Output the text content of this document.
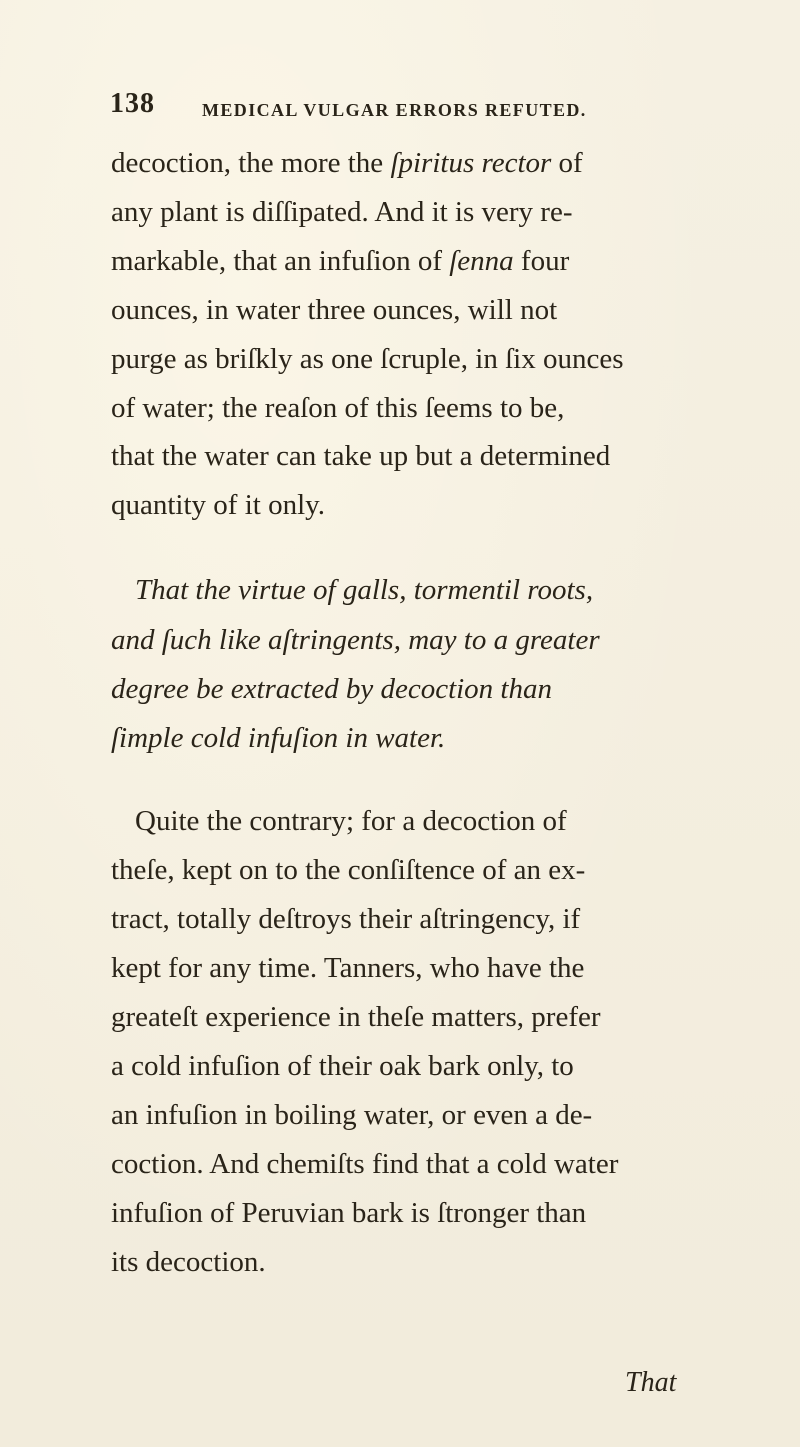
138	MEDICAL VULGAR ERRORS REFUTED.
decoction, the more the ſpiritus rector of
any plant is diſſipated. And it is very re-
markable, that an infuſion of ſenna four
ounces, in water three ounces, will not
purge as briſkly as one ſcruple, in ſix ounces
of water; the reaſon of this ſeems to be,
that the water can take up but a determined
quantity of it only.
That the virtue of galls, tormentil roots,
and ſuch like aſtringents, may to a greater
degree be extracted by decoction than
ſimple cold infuſion in water.
Quite the contrary; for a decoction of
theſe, kept on to the conſiſtence of an ex-
tract, totally deſtroys their aſtringency, if
kept for any time. Tanners, who have the
greateſt experience in theſe matters, prefer
a cold infuſion of their oak bark only, to
an infuſion in boiling water, or even a de-
coction. And chemiſts find that a cold water
infuſion of Peruvian bark is ſtronger than
its decoction.
That
